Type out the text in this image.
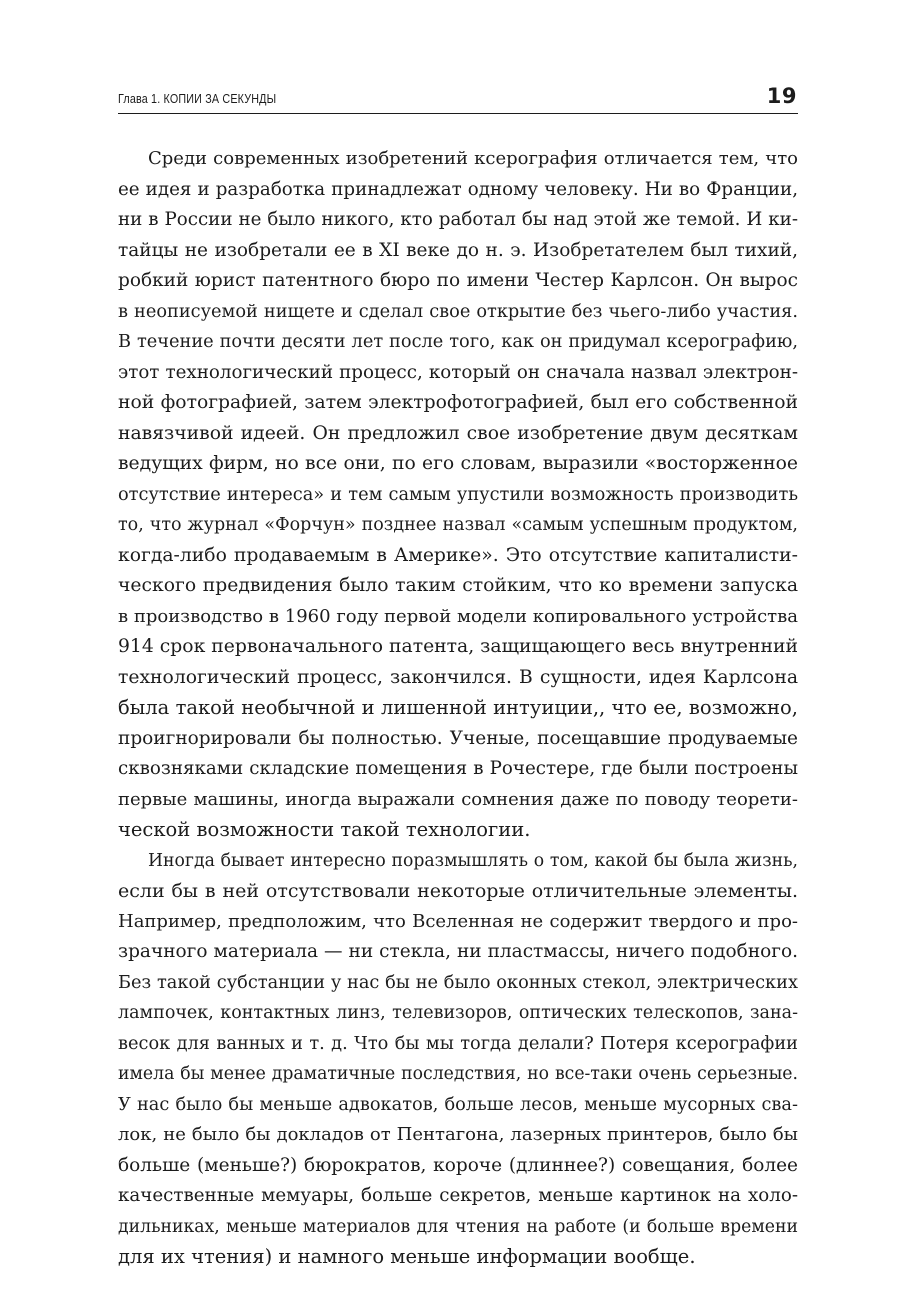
Глава 1. КОПИИ ЗА СЕКУНДЫ	19
Среди современных изобретений ксерография отличается тем, что
ее идея и разработка принадлежат одному человеку. Ни во Франции,
ни в России не было никого, кто работал бы над этой же темой. И ки-
тайцы не изобретали ее в XI веке до н. э. Изобретателем был тихий,
робкий юрист патентного бюро по имени Честер Карлсон. Он вырос
в неописуемой нищете и сделал свое открытие без чьего-либо участия.
В течение почти десяти лет после того, как он придумал ксерографию,
этот технологический процесс, который он сначала назвал электрон-
ной фотографией, затем электрофотографией, был его собственной
навязчивой идеей. Он предложил свое изобретение двум десяткам
ведущих фирм, но все они, по его словам, выразили «восторженное
отсутствие интереса» и тем самым упустили возможность производить
то, что журнал «Форчун» позднее назвал «самым успешным продуктом,
когда-либо продаваемым в Америке». Это отсутствие капиталисти-
ческого предвидения было таким стойким, что ко времени запуска
в производство в 1960 году первой модели копировального устройства
914 срок первоначального патента, защищающего весь внутренний
технологический процесс, закончился. В сущности, идея Карлсона
была такой необычной и лишенной интуиции,, что ее, возможно,
проигнорировали бы полностью. Ученые, посещавшие продуваемые
сквозняками складские помещения в Рочестере, где были построены
первые машины, иногда выражали сомнения даже по поводу теорети-
ческой возможности такой технологии.
Иногда бывает интересно поразмышлять о том, какой бы была жизнь,
если бы в ней отсутствовали некоторые отличительные элементы.
Например, предположим, что Вселенная не содержит твердого и про-
зрачного материала — ни стекла, ни пластмассы, ничего подобного.
Без такой субстанции у нас бы не было оконных стекол, электрических
лампочек, контактных линз, телевизоров, оптических телескопов, зана-
весок для ванных и т. д. Что бы мы тогда делали? Потеря ксерографии
имела бы менее драматичные последствия, но все-таки очень серьезные.
У нас было бы меньше адвокатов, больше лесов, меньше мусорных сва-
лок, не было бы докладов от Пентагона, лазерных принтеров, было бы
больше (меньше?) бюрократов, короче (длиннее?) совещания, более
качественные мемуары, больше секретов, меньше картинок на холо-
дильниках, меньше материалов для чтения на работе (и больше времени
для их чтения) и намного меньше информации вообще.
